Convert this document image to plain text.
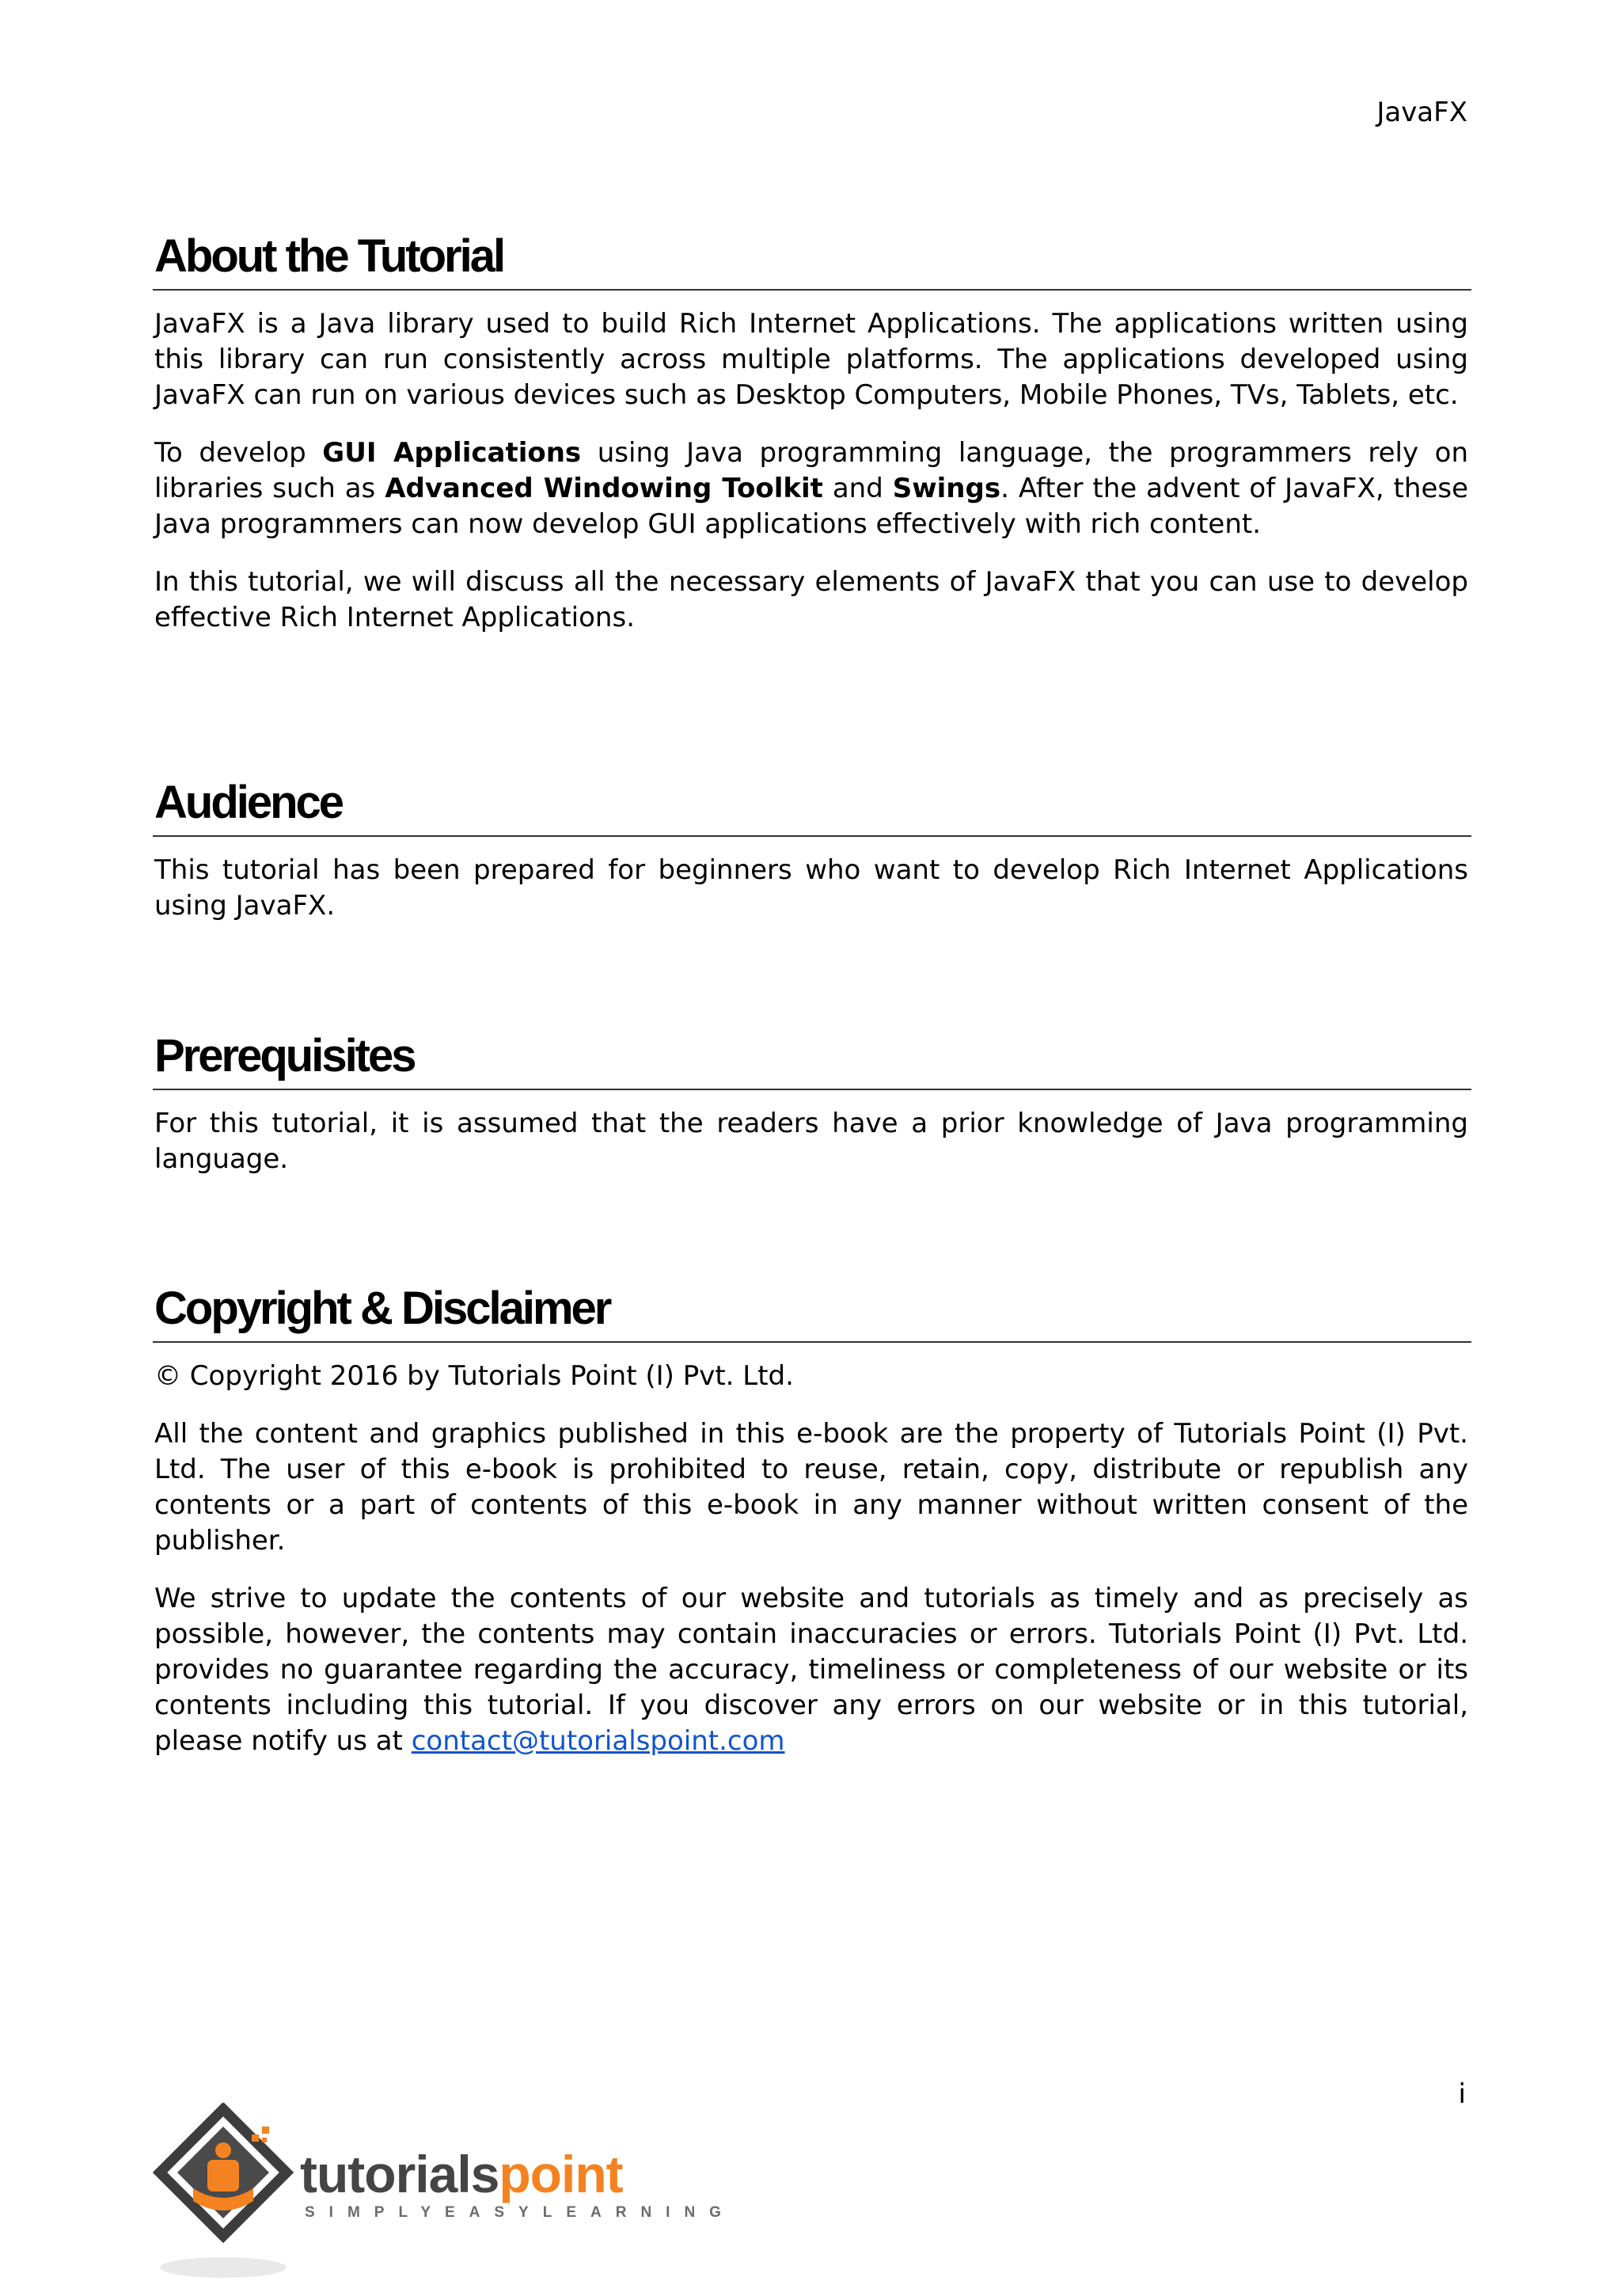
JavaFX
About the Tutorial

JavaFX is a Java library used to build Rich Internet Applications. The applications written using this library can run consistently across multiple platforms. The applications developed using JavaFX can run on various devices such as Desktop Computers, Mobile Phones, TVs, Tablets, etc.

To develop GUI Applications using Java programming language, the programmers rely on libraries such as Advanced Windowing Toolkit and Swings. After the advent of JavaFX, these Java programmers can now develop GUI applications effectively with rich content.

In this tutorial, we will discuss all the necessary elements of JavaFX that you can use to develop effective Rich Internet Applications.

Audience

This tutorial has been prepared for beginners who want to develop Rich Internet Applications using JavaFX.

Prerequisites

For this tutorial, it is assumed that the readers have a prior knowledge of Java programming language.

Copyright & Disclaimer

© Copyright 2016 by Tutorials Point (I) Pvt. Ltd.

All the content and graphics published in this e-book are the property of Tutorials Point (I) Pvt. Ltd. The user of this e-book is prohibited to reuse, retain, copy, distribute or republish any contents or a part of contents of this e-book in any manner without written consent of the publisher.

We strive to update the contents of our website and tutorials as timely and as precisely as possible, however, the contents may contain inaccuracies or errors. Tutorials Point (I) Pvt. Ltd. provides no guarantee regarding the accuracy, timeliness or completeness of our website or its contents including this tutorial. If you discover any errors on our website or in this tutorial, please notify us at contact@tutorialspoint.com

i
tutorialspoint
SIMPLYEASYLEARNING
